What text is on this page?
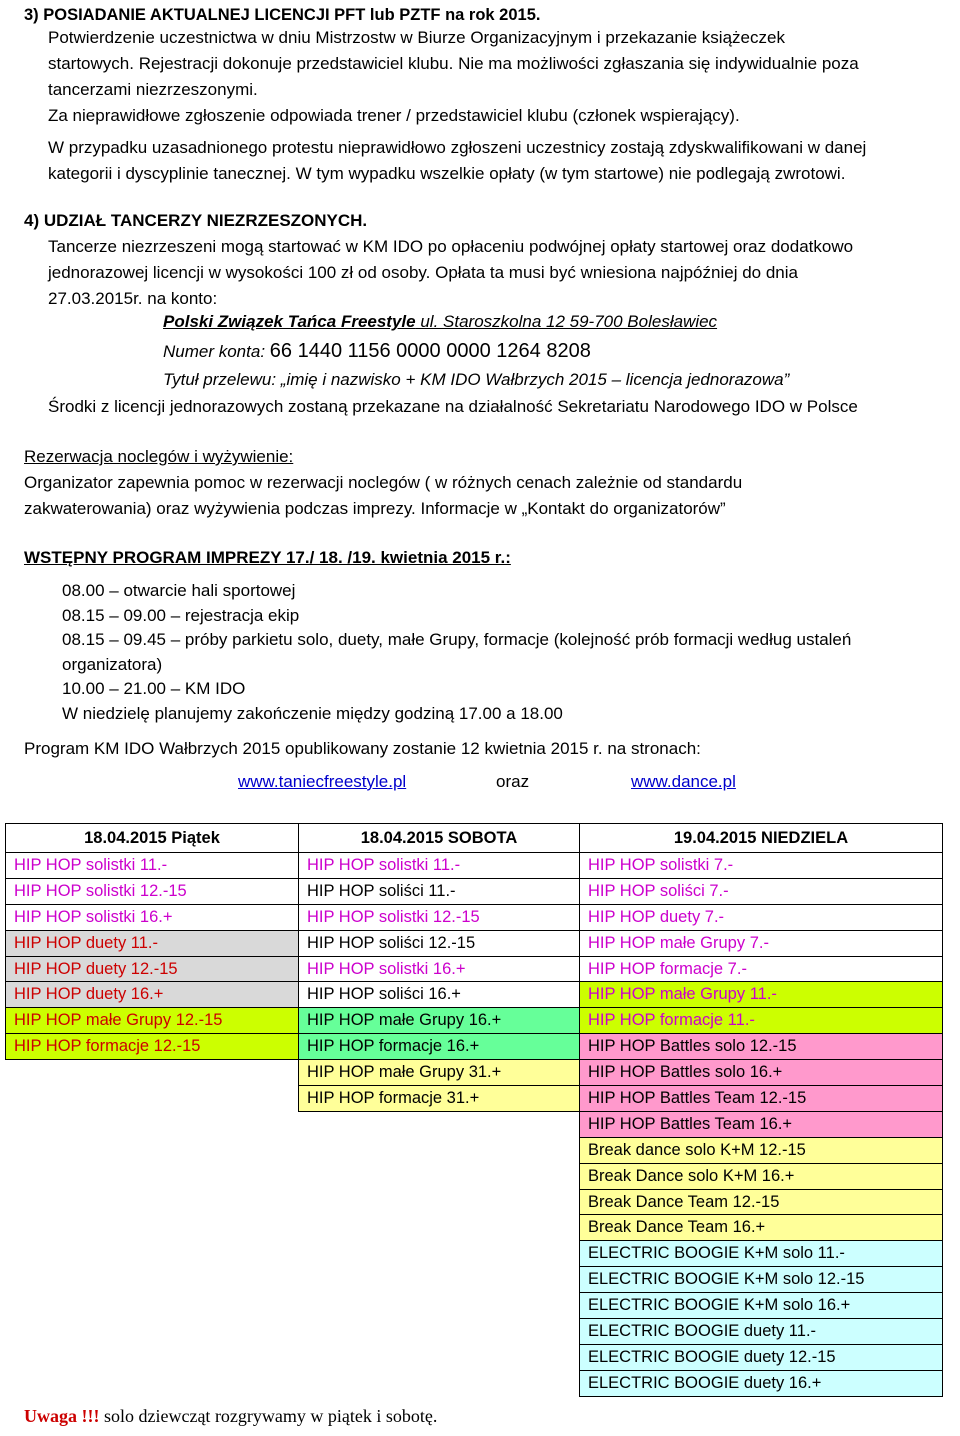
3) POSIADANIE AKTUALNEJ LICENCJI PFT lub PZTF na rok 2015.
Potwierdzenie uczestnictwa w dniu Mistrzostw w Biurze Organizacyjnym i przekazanie książeczek
startowych. Rejestracji dokonuje przedstawiciel klubu. Nie ma możliwości zgłaszania się indywidualnie poza
tancerzami niezrzeszonymi.
Za nieprawidłowe zgłoszenie odpowiada trener / przedstawiciel klubu (członek wspierający).
W przypadku uzasadnionego protestu nieprawidłowo zgłoszeni uczestnicy zostają zdyskwalifikowani w danej
kategorii i dyscyplinie tanecznej. W tym wypadku wszelkie opłaty (w tym startowe) nie podlegają zwrotowi.
4) UDZIAŁ TANCERZY NIEZRZESZONYCH.
Tancerze niezrzeszeni mogą startować w KM IDO po opłaceniu podwójnej opłaty startowej oraz dodatkowo
jednorazowej licencji w wysokości 100 zł od osoby. Opłata ta musi być wniesiona najpóźniej do dnia
27.03.2015r. na konto:
Polski Związek Tańca Freestyle ul. Staroszkolna 12 59-700 Bolesławiec
Numer konta: 66 1440 1156 0000 0000 1264 8208
Tytuł przelewu: „imię i nazwisko + KM IDO Wałbrzych 2015 – licencja jednorazowa”
Środki z licencji jednorazowych zostaną przekazane na działalność Sekretariatu Narodowego IDO w Polsce
Rezerwacja noclegów i wyżywienie:
Organizator zapewnia pomoc w rezerwacji noclegów ( w różnych cenach zależnie od standardu
zakwaterowania) oraz wyżywienia podczas imprezy. Informacje w „Kontakt do organizatorów”
WSTĘPNY PROGRAM IMPREZY 17./ 18. /19. kwietnia 2015 r.:
08.00 – otwarcie hali sportowej
08.15 – 09.00 – rejestracja ekip
08.15 – 09.45 – próby parkietu solo, duety, małe Grupy, formacje (kolejność prób formacji według ustaleń
organizatora)
10.00 – 21.00 – KM IDO
W niedzielę planujemy zakończenie między godziną 17.00 a 18.00
Program KM IDO Wałbrzych 2015 opublikowany zostanie 12 kwietnia 2015 r. na stronach:
www.taniecfreestyle.pl	oraz	www.dance.pl
18.04.2015 Piątek	18.04.2015 SOBOTA	19.04.2015 NIEDZIELA
HIP HOP solistki 11.-	HIP HOP solistki 11.-	HIP HOP solistki 7.-
HIP HOP solistki 12.-15	HIP HOP soliści 11.-	HIP HOP soliści 7.-
HIP HOP solistki 16.+	HIP HOP solistki 12.-15	HIP HOP duety 7.-
HIP HOP duety 11.-	HIP HOP soliści 12.-15	HIP HOP małe Grupy 7.-
HIP HOP duety 12.-15	HIP HOP solistki 16.+	HIP HOP formacje 7.-
HIP HOP duety 16.+	HIP HOP soliści 16.+	HIP HOP małe Grupy 11.-
HIP HOP małe Grupy 12.-15	HIP HOP małe Grupy 16.+	HIP HOP formacje 11.-
HIP HOP formacje 12.-15	HIP HOP formacje 16.+	HIP HOP Battles solo 12.-15
	HIP HOP małe Grupy 31.+	HIP HOP Battles solo 16.+
	HIP HOP formacje 31.+	HIP HOP Battles Team 12.-15
		HIP HOP Battles Team 16.+
		Break dance solo K+M 12.-15
		Break Dance solo K+M 16.+
		Break Dance Team 12.-15
		Break Dance Team 16.+
		ELECTRIC BOOGIE K+M solo 11.-
		ELECTRIC BOOGIE K+M solo 12.-15
		ELECTRIC BOOGIE K+M solo 16.+
		ELECTRIC BOOGIE duety 11.-
		ELECTRIC BOOGIE duety 12.-15
		ELECTRIC BOOGIE duety 16.+
Uwaga !!! solo dziewcząt rozgrywamy w piątek i sobotę.
